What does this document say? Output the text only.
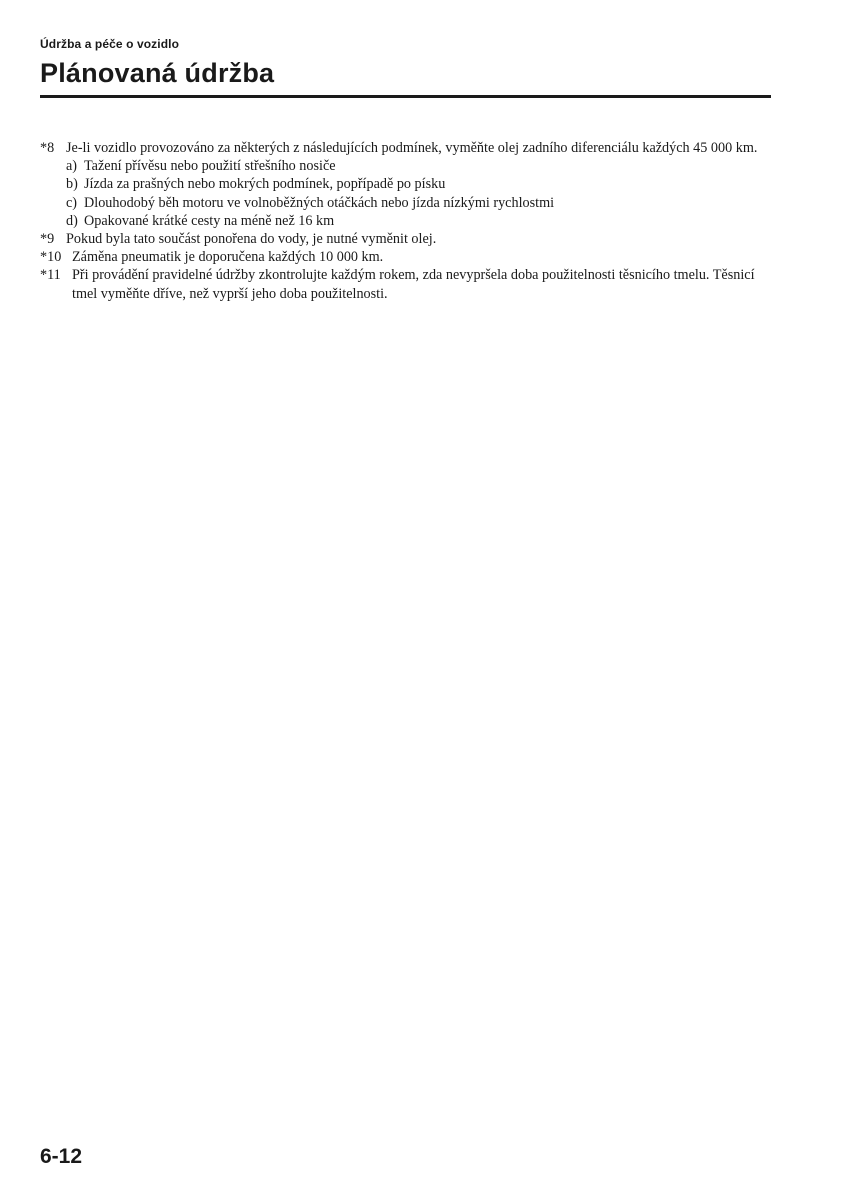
Údržba a péče o vozidlo
Plánovaná údržba
*8 Je-li vozidlo provozováno za některých z následujících podmínek, vyměňte olej zadního diferenciálu každých 45 000 km.
a) Tažení přívěsu nebo použití střešního nosiče
b) Jízda za prašných nebo mokrých podmínek, popřípadě po písku
c) Dlouhodobý běh motoru ve volnoběžných otáčkách nebo jízda nízkými rychlostmi
d) Opakované krátké cesty na méně než 16 km
*9 Pokud byla tato součást ponořena do vody, je nutné vyměnit olej.
*10 Záměna pneumatik je doporučena každých 10 000 km.
*11 Při provádění pravidelné údržby zkontrolujte každým rokem, zda nevypršela doba použitelnosti těsnicího tmelu. Těsnicí tmel vyměňte dříve, než vyprší jeho doba použitelnosti.
6-12
